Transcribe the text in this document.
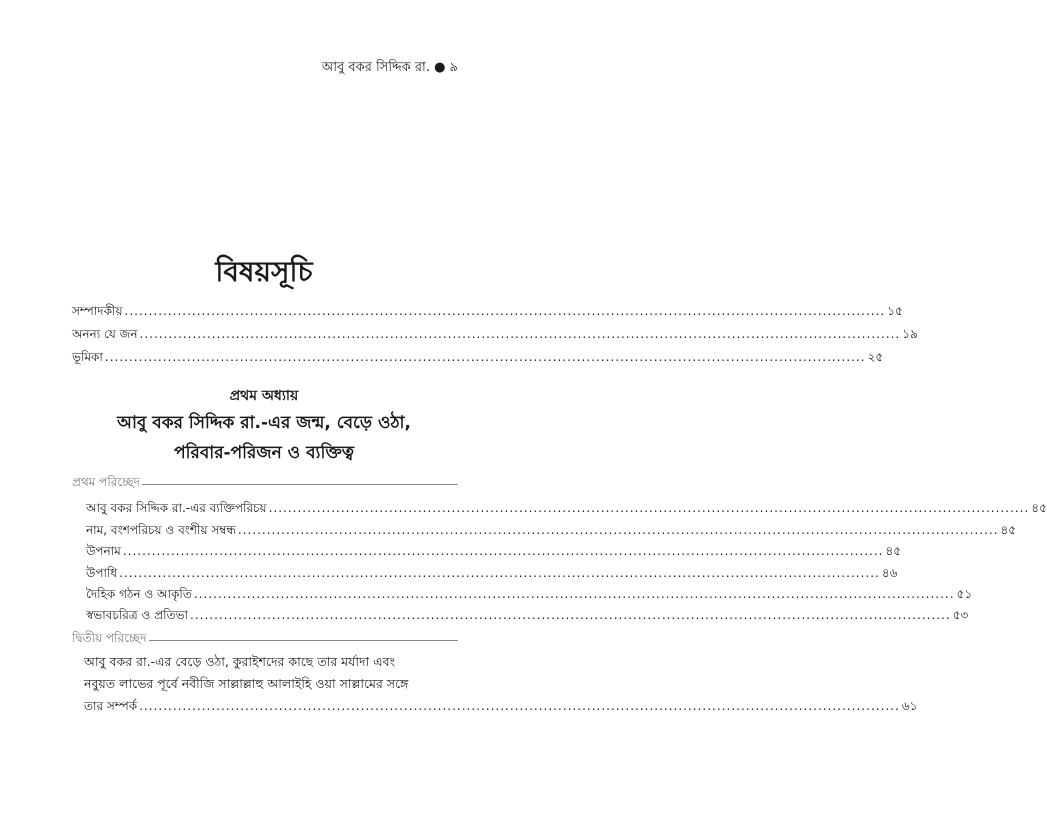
আবু বকর সিদ্দিক রা. ● ৯
বিষয়সূচি
সম্পাদকীয় .............................................................................................................................................................. ১৫
অনন্য যে জন .............................................................................................................................................................. ১৯
ভূমিকা .............................................................................................................................................................. ২৫
প্রথম অধ্যায়
আবু বকর সিদ্দিক রা.-এর জন্ম, বেড়ে ওঠা,
পরিবার-পরিজন ও ব্যক্তিত্ব
প্রথম পরিচ্ছেদ
আবু বকর সিদ্দিক রা.-এর ব্যক্তিপরিচয় .............................................................................................................................................................. ৪৫
নাম, বংশপরিচয় ও বংশীয় সম্বন্ধ .............................................................................................................................................................. ৪৫
উপনাম .............................................................................................................................................................. ৪৫
উপাধি .............................................................................................................................................................. ৪৬
দৈহিক গঠন ও আকৃতি .............................................................................................................................................................. ৫১
স্বভাবচরিত্র ও প্রতিভা .............................................................................................................................................................. ৫৩
দ্বিতীয় পরিচ্ছেদ
আবু বকর রা.-এর বেড়ে ওঠা, কুরাইশদের কাছে তার মর্যাদা এবং
নবুয়ত লাভের পূর্বে নবীজি সাল্লাল্লাহু আলাইহি ওয়া সাল্লামের সঙ্গে
তার সম্পর্ক .............................................................................................................................................................. ৬১
